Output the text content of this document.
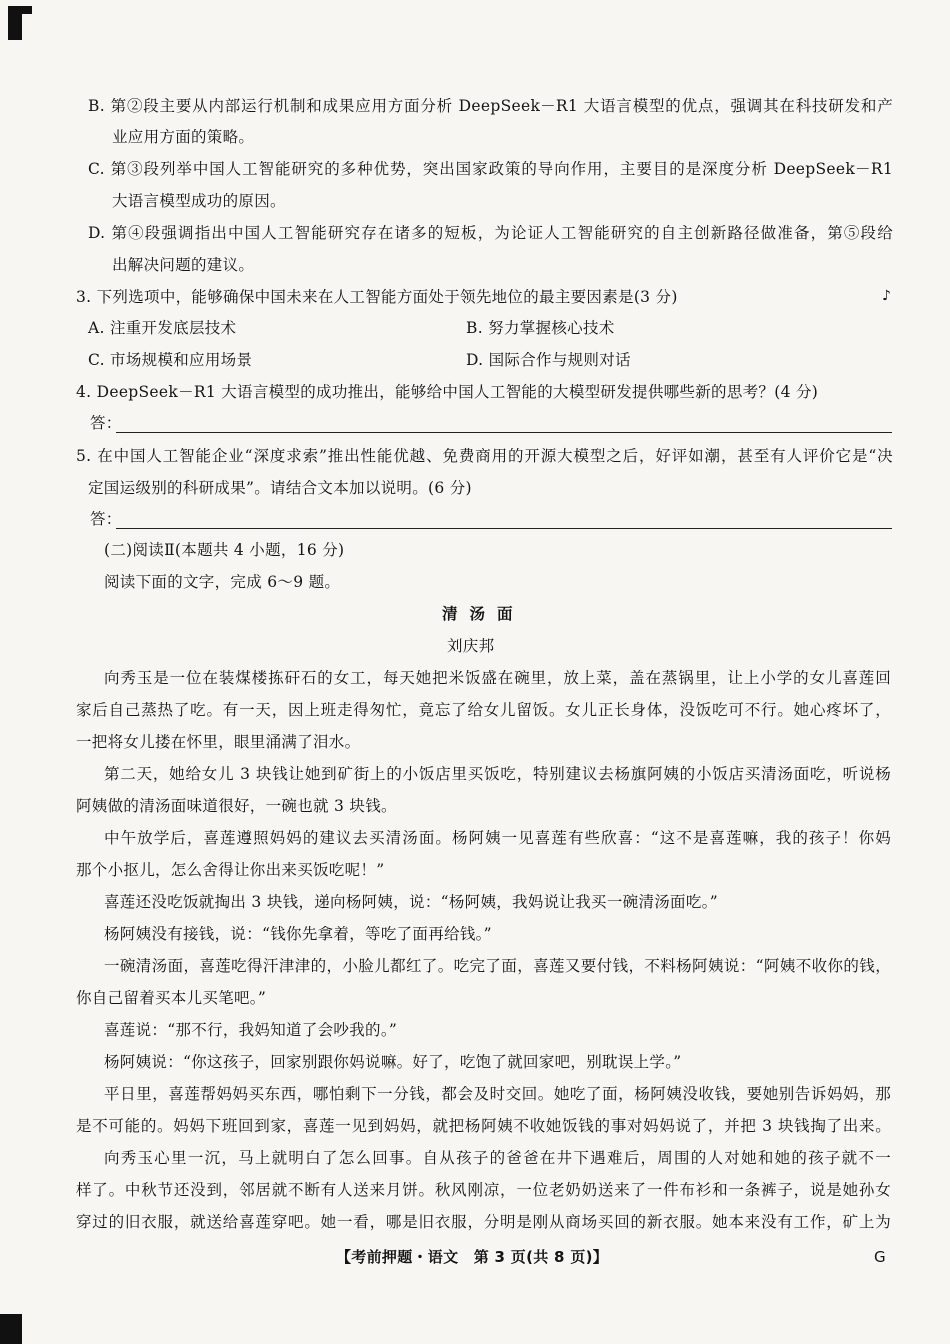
B. 第②段主要从内部运行机制和成果应用方面分析 DeepSeek－R1 大语言模型的优点，强调其在科技研发和产
业应用方面的策略。
C. 第③段列举中国人工智能研究的多种优势，突出国家政策的导向作用，主要目的是深度分析 DeepSeek－R1
大语言模型成功的原因。
D. 第④段强调指出中国人工智能研究存在诸多的短板，为论证人工智能研究的自主创新路径做准备，第⑤段给
出解决问题的建议。
3. 下列选项中，能够确保中国未来在人工智能方面处于领先地位的最主要因素是(3 分)	♪
A. 注重开发底层技术	B. 努力掌握核心技术
C. 市场规模和应用场景	D. 国际合作与规则对话
4. DeepSeek－R1 大语言模型的成功推出，能够给中国人工智能的大模型研发提供哪些新的思考？(4 分)
答：
5. 在中国人工智能企业“深度求索”推出性能优越、免费商用的开源大模型之后，好评如潮，甚至有人评价它是“决
定国运级别的科研成果”。请结合文本加以说明。(6 分)
答：
(二)阅读Ⅱ(本题共 4 小题，16 分)
阅读下面的文字，完成 6～9 题。
清汤面
刘庆邦
向秀玉是一位在装煤楼拣矸石的女工，每天她把米饭盛在碗里，放上菜，盖在蒸锅里，让上小学的女儿喜莲回
家后自己蒸热了吃。有一天，因上班走得匆忙，竟忘了给女儿留饭。女儿正长身体，没饭吃可不行。她心疼坏了，
一把将女儿搂在怀里，眼里涌满了泪水。
第二天，她给女儿 3 块钱让她到矿街上的小饭店里买饭吃，特别建议去杨旗阿姨的小饭店买清汤面吃，听说杨
阿姨做的清汤面味道很好，一碗也就 3 块钱。
中午放学后，喜莲遵照妈妈的建议去买清汤面。杨阿姨一见喜莲有些欣喜：“这不是喜莲嘛，我的孩子！你妈
那个小抠儿，怎么舍得让你出来买饭吃呢！”
喜莲还没吃饭就掏出 3 块钱，递向杨阿姨，说：“杨阿姨，我妈说让我买一碗清汤面吃。”
杨阿姨没有接钱，说：“钱你先拿着，等吃了面再给钱。”
一碗清汤面，喜莲吃得汗津津的，小脸儿都红了。吃完了面，喜莲又要付钱，不料杨阿姨说：“阿姨不收你的钱，
你自己留着买本儿买笔吧。”
喜莲说：“那不行，我妈知道了会吵我的。”
杨阿姨说：“你这孩子，回家别跟你妈说嘛。好了，吃饱了就回家吧，别耽误上学。”
平日里，喜莲帮妈妈买东西，哪怕剩下一分钱，都会及时交回。她吃了面，杨阿姨没收钱，要她别告诉妈妈，那
是不可能的。妈妈下班回到家，喜莲一见到妈妈，就把杨阿姨不收她饭钱的事对妈妈说了，并把 3 块钱掏了出来。
向秀玉心里一沉，马上就明白了怎么回事。自从孩子的爸爸在井下遇难后，周围的人对她和她的孩子就不一
样了。中秋节还没到，邻居就不断有人送来月饼。秋风刚凉，一位老奶奶送来了一件布衫和一条裤子，说是她孙女
穿过的旧衣服，就送给喜莲穿吧。她一看，哪是旧衣服，分明是刚从商场买回的新衣服。她本来没有工作，矿上为
【考前押题・语文　第 3 页(共 8 页)】	G
